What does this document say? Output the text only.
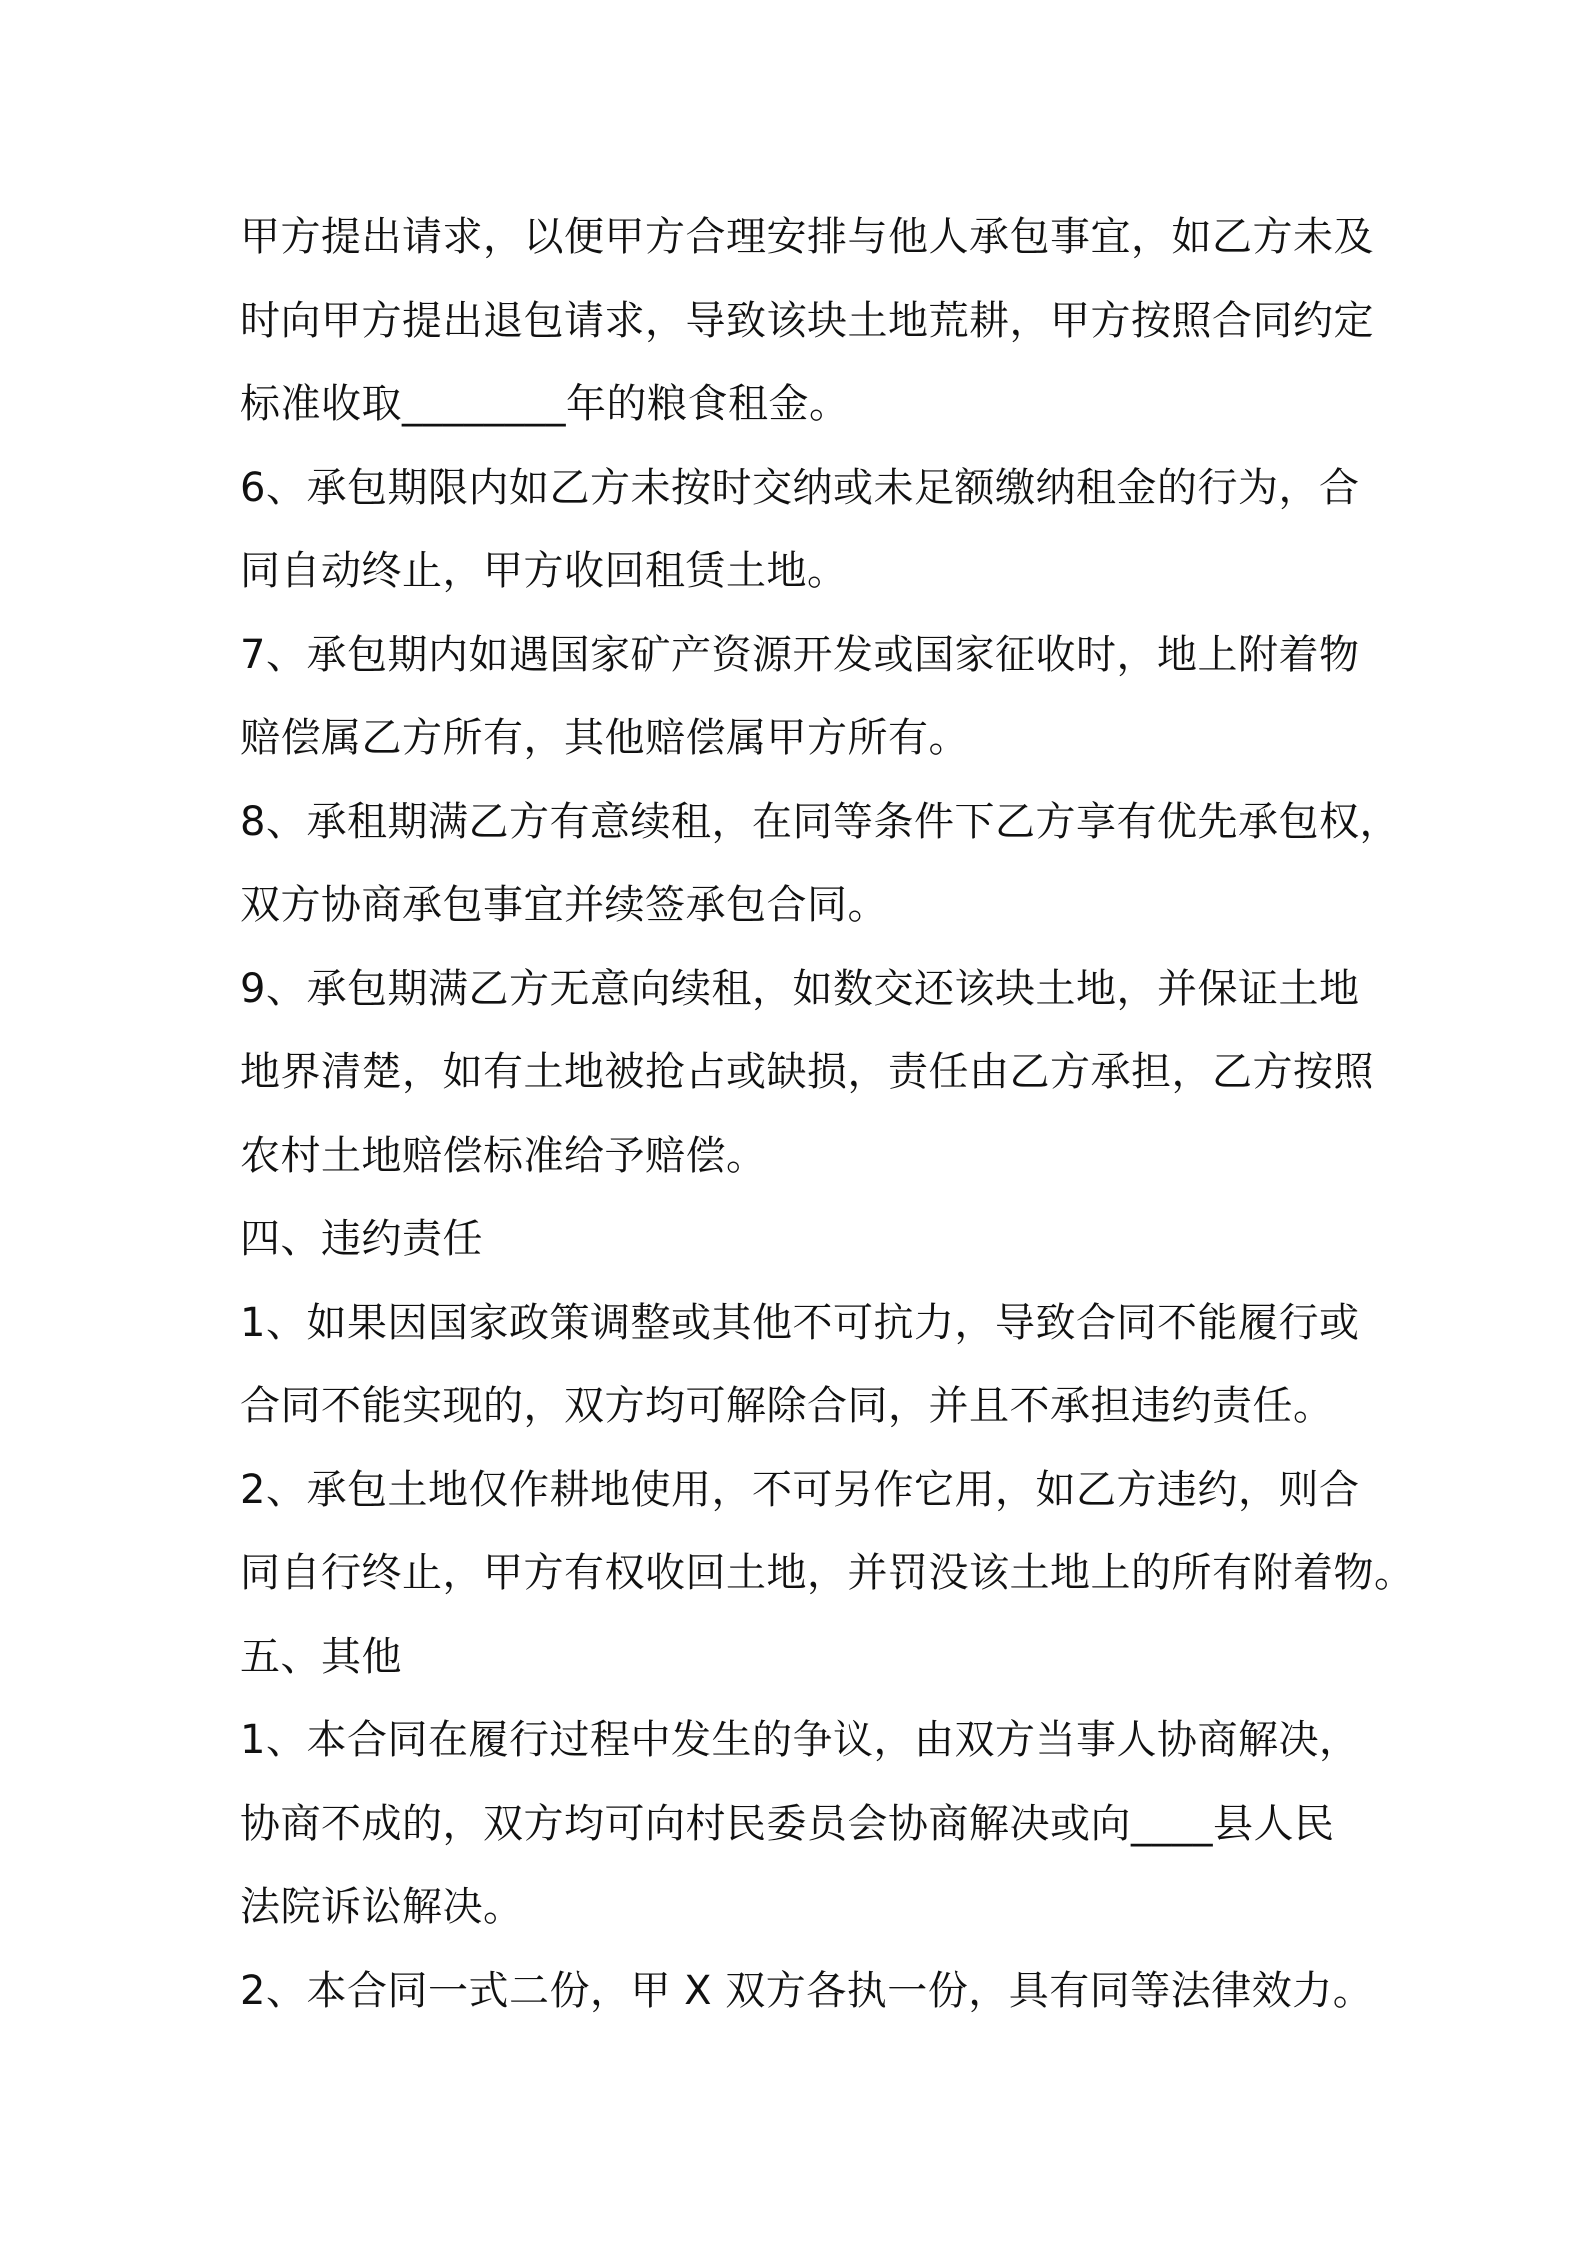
甲方提出请求，以便甲方合理安排与他人承包事宜，如乙方未及
时向甲方提出退包请求，导致该块土地荒耕，甲方按照合同约定
标准收取________年的粮食租金。
6、承包期限内如乙方未按时交纳或未足额缴纳租金的行为，合
同自动终止，甲方收回租赁土地。
7、承包期内如遇国家矿产资源开发或国家征收时，地上附着物
赔偿属乙方所有，其他赔偿属甲方所有。
8、承租期满乙方有意续租，在同等条件下乙方享有优先承包权，
双方协商承包事宜并续签承包合同。
9、承包期满乙方无意向续租，如数交还该块土地，并保证土地
地界清楚，如有土地被抢占或缺损，责任由乙方承担，乙方按照
农村土地赔偿标准给予赔偿。
四、违约责任
1、如果因国家政策调整或其他不可抗力，导致合同不能履行或
合同不能实现的，双方均可解除合同，并且不承担违约责任。
2、承包土地仅作耕地使用，不可另作它用，如乙方违约，则合
同自行终止，甲方有权收回土地，并罚没该土地上的所有附着物。
五、其他
1、本合同在履行过程中发生的争议，由双方当事人协商解决，
协商不成的，双方均可向村民委员会协商解决或向____县人民
法院诉讼解决。
2、本合同一式二份，甲 X 双方各执一份，具有同等法律效力。
